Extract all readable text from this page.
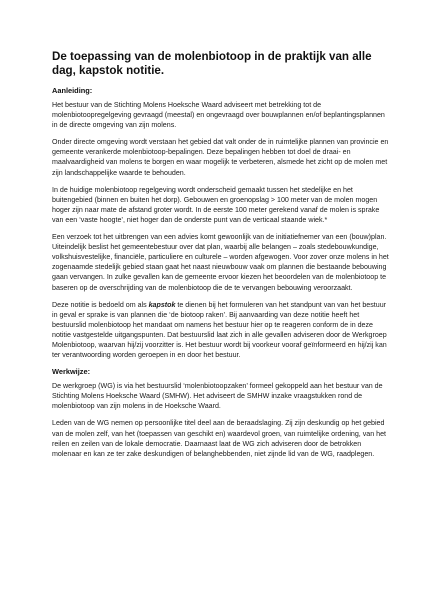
De toepassing van de molenbiotoop in de praktijk van alle dag, kapstok notitie.
Aanleiding:

Het bestuur van de Stichting Molens Hoeksche Waard adviseert met betrekking tot de molenbiotoopregelgeving gevraagd (meestal) en ongevraagd over bouwplannen en/of beplantingsplannen in de directe omgeving van zijn molens.

Onder directe omgeving wordt verstaan het gebied dat valt onder de in ruimtelijke plannen van provincie en gemeente verankerde molenbiotoop-bepalingen. Deze bepalingen hebben tot doel de draai- en maalvaardigheid van molens te borgen en waar mogelijk te verbeteren, alsmede het zicht op de molen met zijn landschappelijke waarde te behouden.

In de huidige molenbiotoop regelgeving wordt onderscheid gemaakt tussen het stedelijke en het buitengebied (binnen en buiten het dorp). Gebouwen en groenopslag > 100 meter van de molen mogen hoger zijn naar mate de afstand groter wordt. In de eerste 100 meter gerekend vanaf de molen is sprake van een ‘vaste hoogte’, niet hoger dan de onderste punt van de verticaal staande wiek.*

Een verzoek tot het uitbrengen van een advies komt gewoonlijk van de initiatiefnemer van een (bouw)plan. Uiteindelijk beslist het gemeentebestuur over dat plan, waarbij alle belangen – zoals stedebouwkundige, volkshuisvestelijke, financiële, particuliere en culturele – worden afgewogen. Voor zover onze molens in het zogenaamde stedelijk gebied staan gaat het naast nieuwbouw vaak om plannen die bestaande bebouwing gaan vervangen. In zulke gevallen kan de gemeente ervoor kiezen het beoordelen van de molenbiotoop te baseren op de overschrijding van de molenbiotoop die de te vervangen bebouwing veroorzaakt.

Deze notitie is bedoeld om als kapstok te dienen bij het formuleren van het standpunt van van het bestuur in geval er sprake is van plannen die ‘de biotoop raken’. Bij aanvaarding van deze notitie heeft het bestuurslid molenbiotoop het mandaat om namens het bestuur hier op te reageren conform de in deze notitie vastgestelde uitgangspunten. Dat bestuurslid laat zich in alle gevallen adviseren door de Werkgroep Molenbiotoop, waarvan hij/zij voorzitter is. Het bestuur wordt bij voorkeur vooraf geïnformeerd en hij/zij kan ter verantwoording worden geroepen in en door het bestuur.

Werkwijze:

De werkgroep (WG) is via het bestuurslid ‘molenbiotoopzaken’ formeel gekoppeld aan het bestuur van de Stichting Molens Hoeksche Waard (SMHW). Het adviseert de SMHW inzake vraagstukken rond de molenbiotoop van zijn molens in de Hoeksche Waard.

Leden van de WG nemen op persoonlijke titel deel aan de beraadslaging. Zij zijn deskundig op het gebied van de molen zelf, van het (toepassen van geschikt en) waardevol groen, van ruimtelijke ordening, van het reilen en zeilen van de lokale democratie. Daarnaast laat de WG zich adviseren door de betrokken molenaar en kan ze ter zake deskundigen of belanghebbenden, niet zijnde lid van de WG, raadplegen.
